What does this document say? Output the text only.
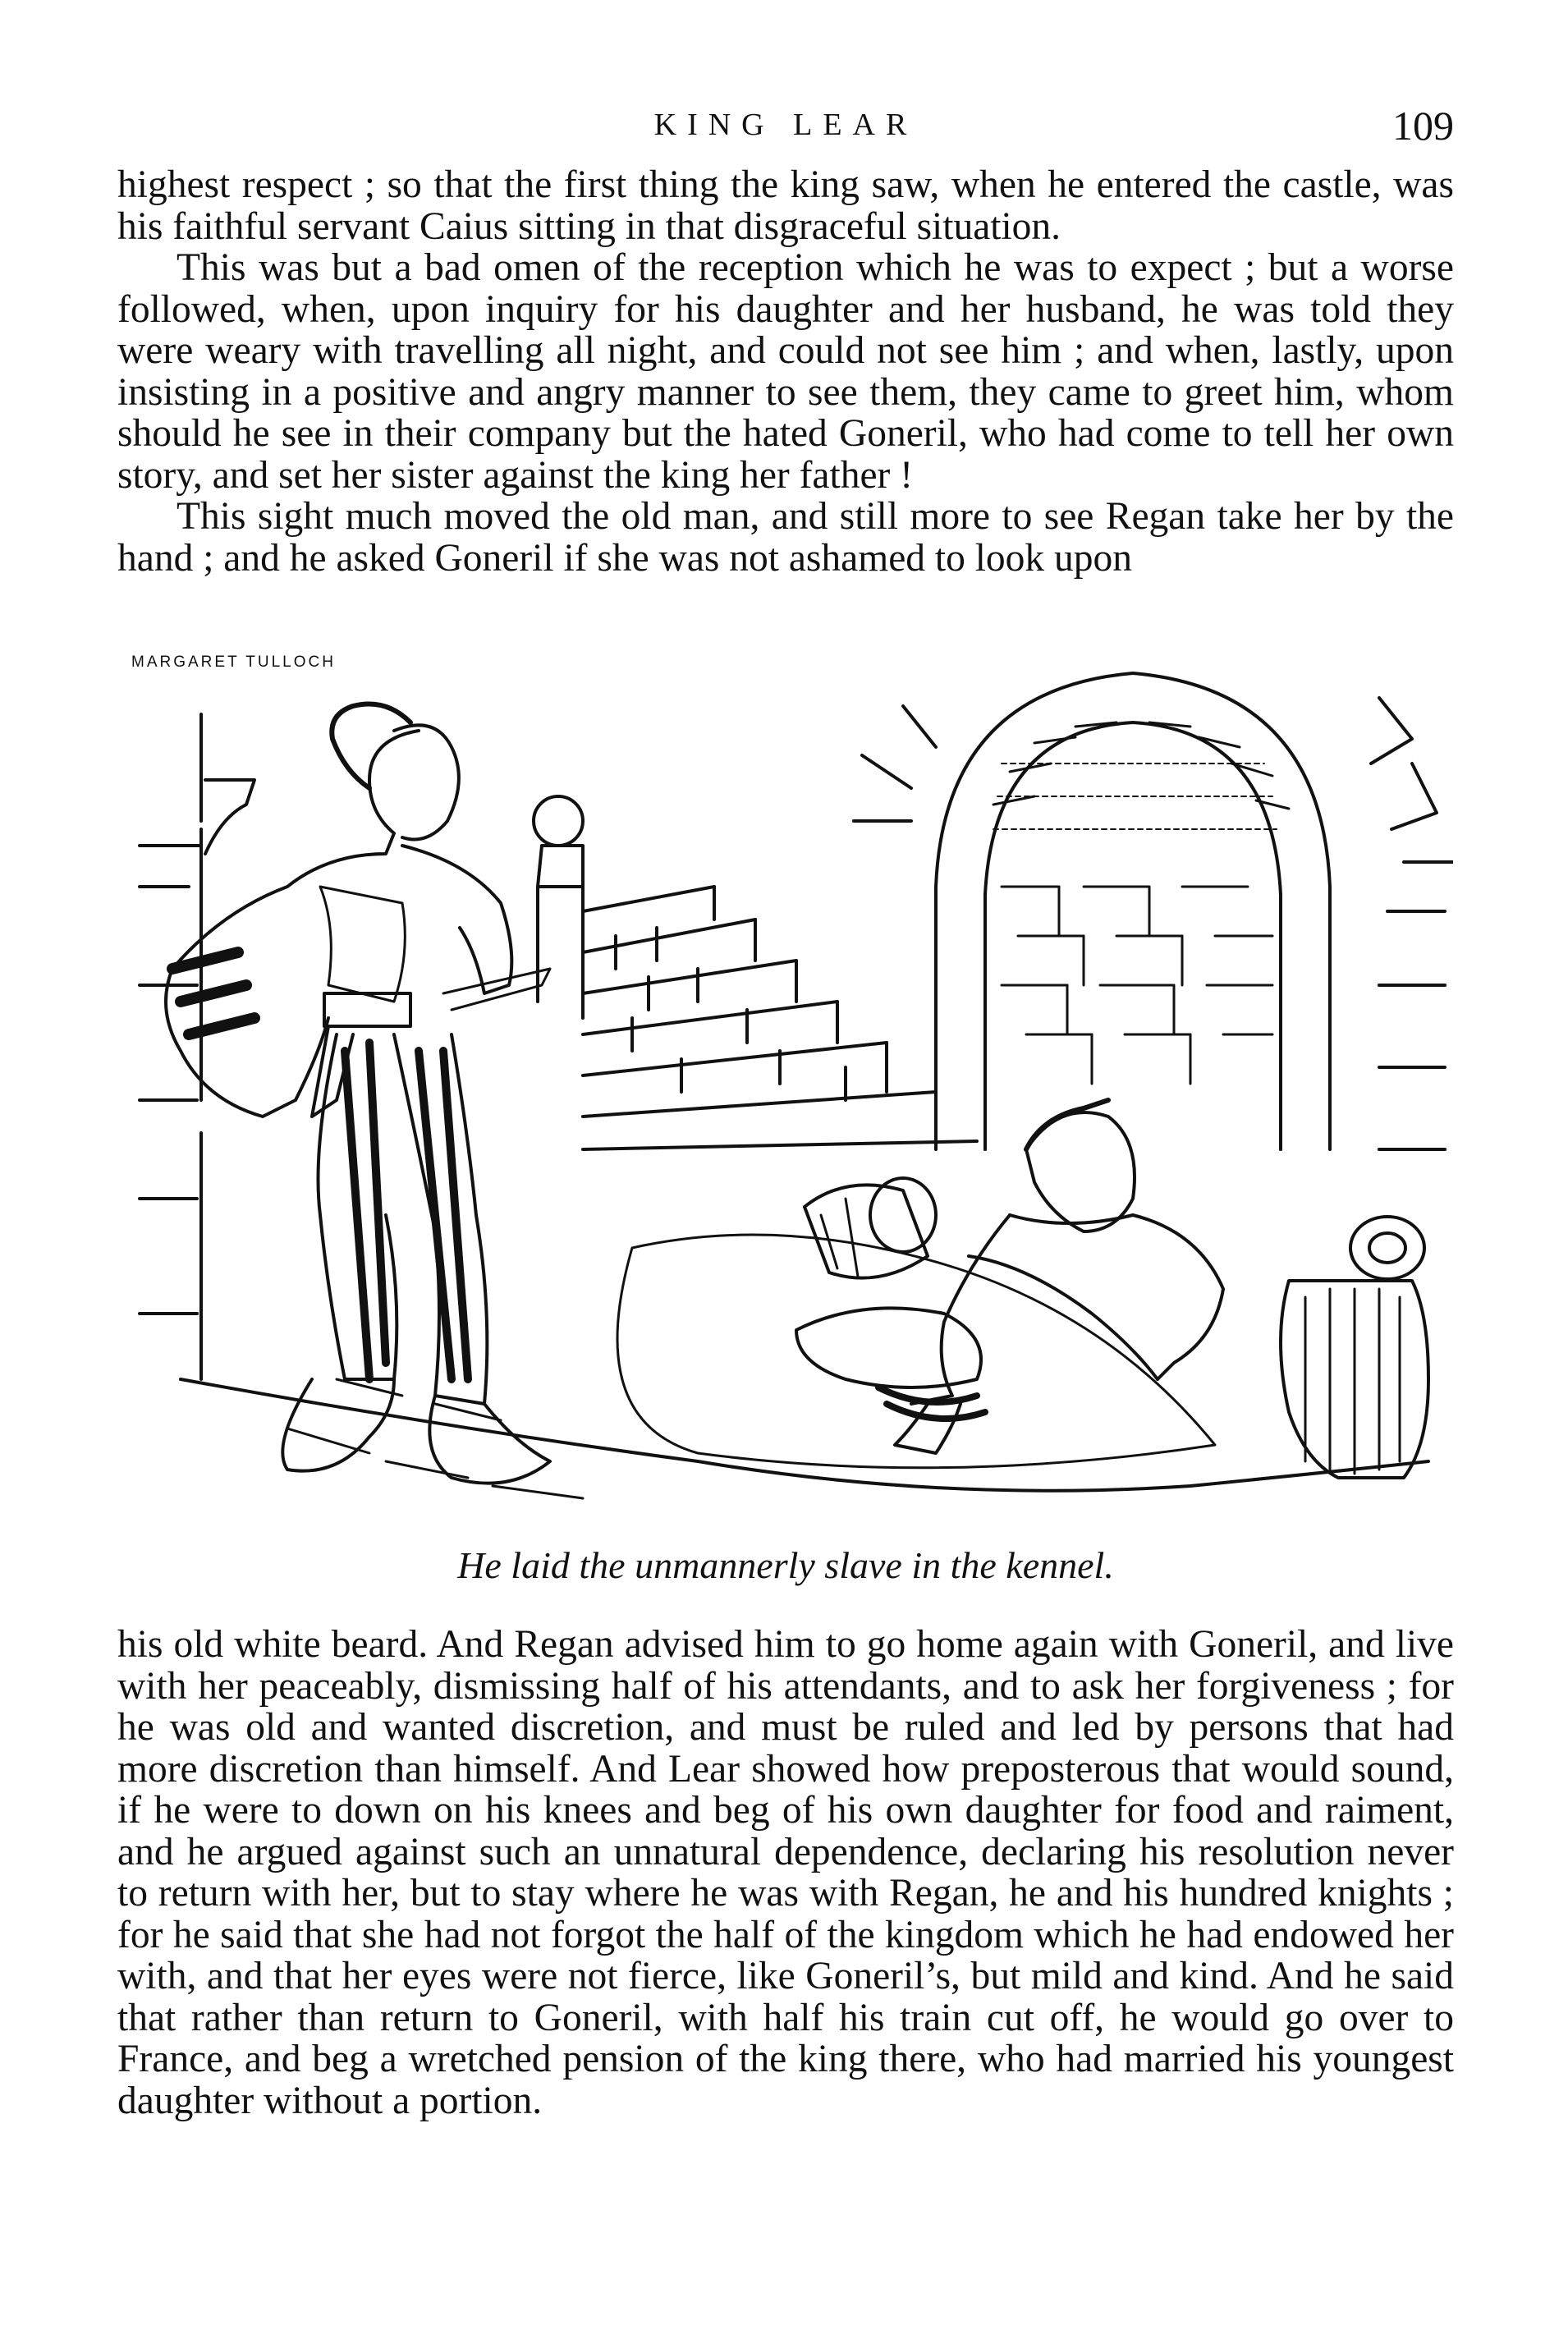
KING LEAR	109

highest respect ; so that the first thing the king saw, when he entered the castle, was his faithful servant Caius sitting in that disgraceful situation.

This was but a bad omen of the reception which he was to expect ; but a worse followed, when, upon inquiry for his daughter and her husband, he was told they were weary with travelling all night, and could not see him ; and when, lastly, upon insisting in a positive and angry manner to see them, they came to greet him, whom should he see in their company but the hated Goneril, who had come to tell her own story, and set her sister against the king her father !

This sight much moved the old man, and still more to see Regan take her by the hand ; and he asked Goneril if she was not ashamed to look upon

MARGARET TULLOCH
He laid the unmannerly slave in the kennel.

his old white beard. And Regan advised him to go home again with Goneril, and live with her peaceably, dismissing half of his attendants, and to ask her forgiveness ; for he was old and wanted discretion, and must be ruled and led by persons that had more discretion than himself. And Lear showed how preposterous that would sound, if he were to down on his knees and beg of his own daughter for food and raiment, and he argued against such an unnatural dependence, declaring his resolution never to return with her, but to stay where he was with Regan, he and his hundred knights ; for he said that she had not forgot the half of the kingdom which he had endowed her with, and that her eyes were not fierce, like Goneril’s, but mild and kind. And he said that rather than return to Goneril, with half his train cut off, he would go over to France, and beg a wretched pension of the king there, who had married his youngest daughter without a portion.
